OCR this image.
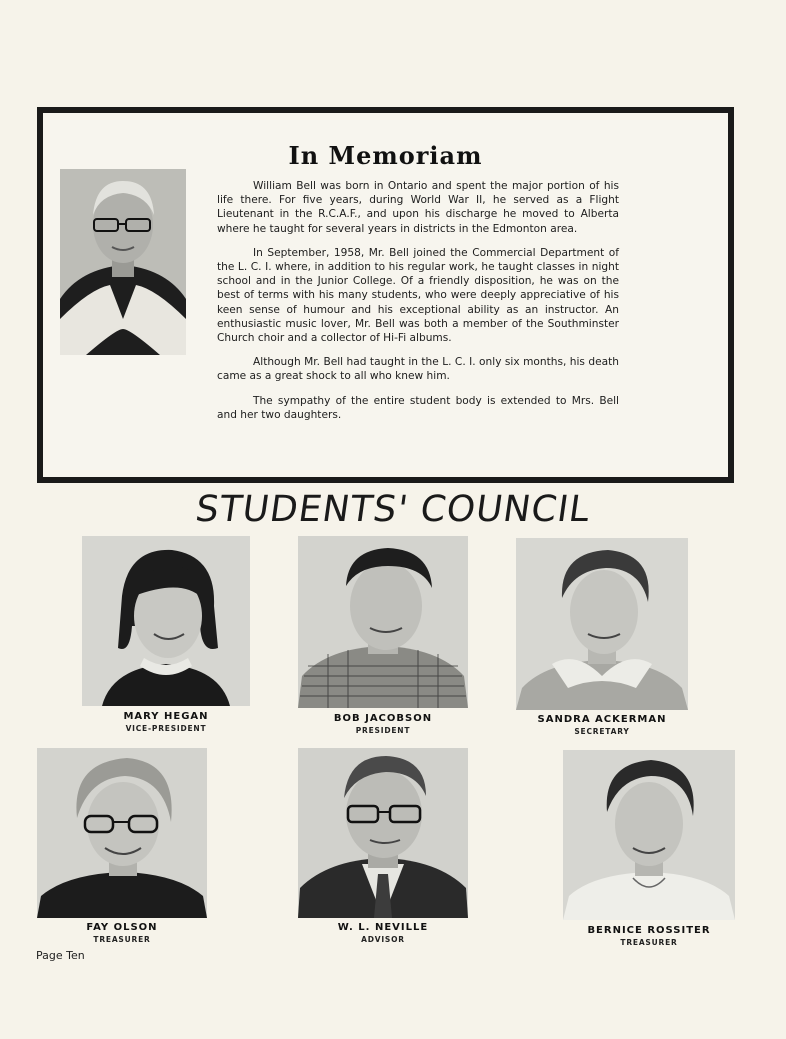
In Memoriam

William Bell was born in Ontario and spent the major portion of his life there. For five years, during World War II, he served as a Flight Lieutenant in the R.C.A.F., and upon his discharge he moved to Alberta where he taught for several years in districts in the Edmonton area.

In September, 1958, Mr. Bell joined the Commercial Department of the L. C. I. where, in addition to his regular work, he taught classes in night school and in the Junior College. Of a friendly disposition, he was on the best of terms with his many students, who were deeply appreciative of his keen sense of humour and his exceptional ability as an instructor. An enthusiastic music lover, Mr. Bell was both a member of the Southminster Church choir and a collector of Hi-Fi albums.

Although Mr. Bell had taught in the L. C. I. only six months, his death came as a great shock to all who knew him.

The sympathy of the entire student body is extended to Mrs. Bell and her two daughters.

STUDENTS' COUNCIL
MARY HEGAN
VICE-PRESIDENT
BOB JACOBSON
PRESIDENT
SANDRA ACKERMAN
SECRETARY
FAY OLSON
TREASURER
W. L. NEVILLE
ADVISOR
BERNICE ROSSITER
TREASURER
Page Ten
